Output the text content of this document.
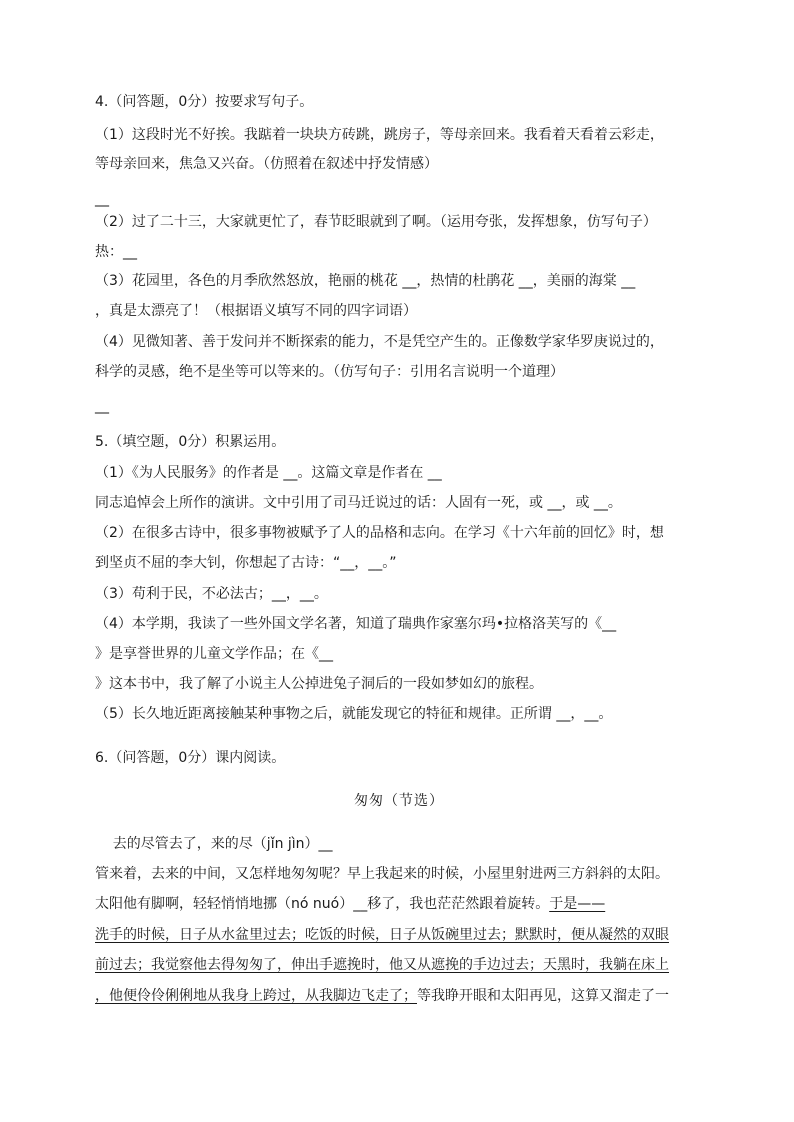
4.（问答题，0分）按要求写句子。
（1）这段时光不好挨。我踮着一块块方砖跳，跳房子，等母亲回来。我看着天看着云彩走，
等母亲回来，焦急又兴奋。（仿照着在叙述中抒发情感）
__
（2）过了二十三，大家就更忙了，春节眨眼就到了啊。（运用夸张，发挥想象，仿写句子）
热：__
（3）花园里，各色的月季欣然怒放，艳丽的桃花 __，热情的杜鹃花 __，美丽的海棠 __
，真是太漂亮了！（根据语义填写不同的四字词语）
（4）见微知著、善于发问并不断探索的能力，不是凭空产生的。正像数学家华罗庚说过的，
科学的灵感，绝不是坐等可以等来的。（仿写句子：引用名言说明一个道理）
__
5.（填空题，0分）积累运用。
（1）《为人民服务》的作者是 __。这篇文章是作者在 __
同志追悼会上所作的演讲。文中引用了司马迁说过的话：人固有一死，或 __，或 __。
（2）在很多古诗中，很多事物被赋予了人的品格和志向。在学习《十六年前的回忆》时，想
到坚贞不屈的李大钊，你想起了古诗：“__，__。”
（3）苟利于民，不必法古；__，__。
（4）本学期，我读了一些外国文学名著，知道了瑞典作家塞尔玛•拉格洛芙写的《__
》是享誉世界的儿童文学作品；在《__
》这本书中，我了解了小说主人公掉进兔子洞后的一段如梦如幻的旅程。
（5）长久地近距离接触某种事物之后，就能发现它的特征和规律。正所谓 __，__。
6.（问答题，0分）课内阅读。
匆匆（节选）
去的尽管去了，来的尽（jǐn jìn）__
管来着，去来的中间，又怎样地匆匆呢？早上我起来的时候，小屋里射进两三方斜斜的太阳。
太阳他有脚啊，轻轻悄悄地挪（nó nuó）__移了，我也茫茫然跟着旋转。于是——
洗手的时候，日子从水盆里过去；吃饭的时候，日子从饭碗里过去；默默时，便从凝然的双眼
前过去；我觉察他去得匆匆了，伸出手遮挽时，他又从遮挽的手边过去；天黑时，我躺在床上
，他便伶伶俐俐地从我身上跨过，从我脚边飞走了；等我睁开眼和太阳再见，这算又溜走了一
